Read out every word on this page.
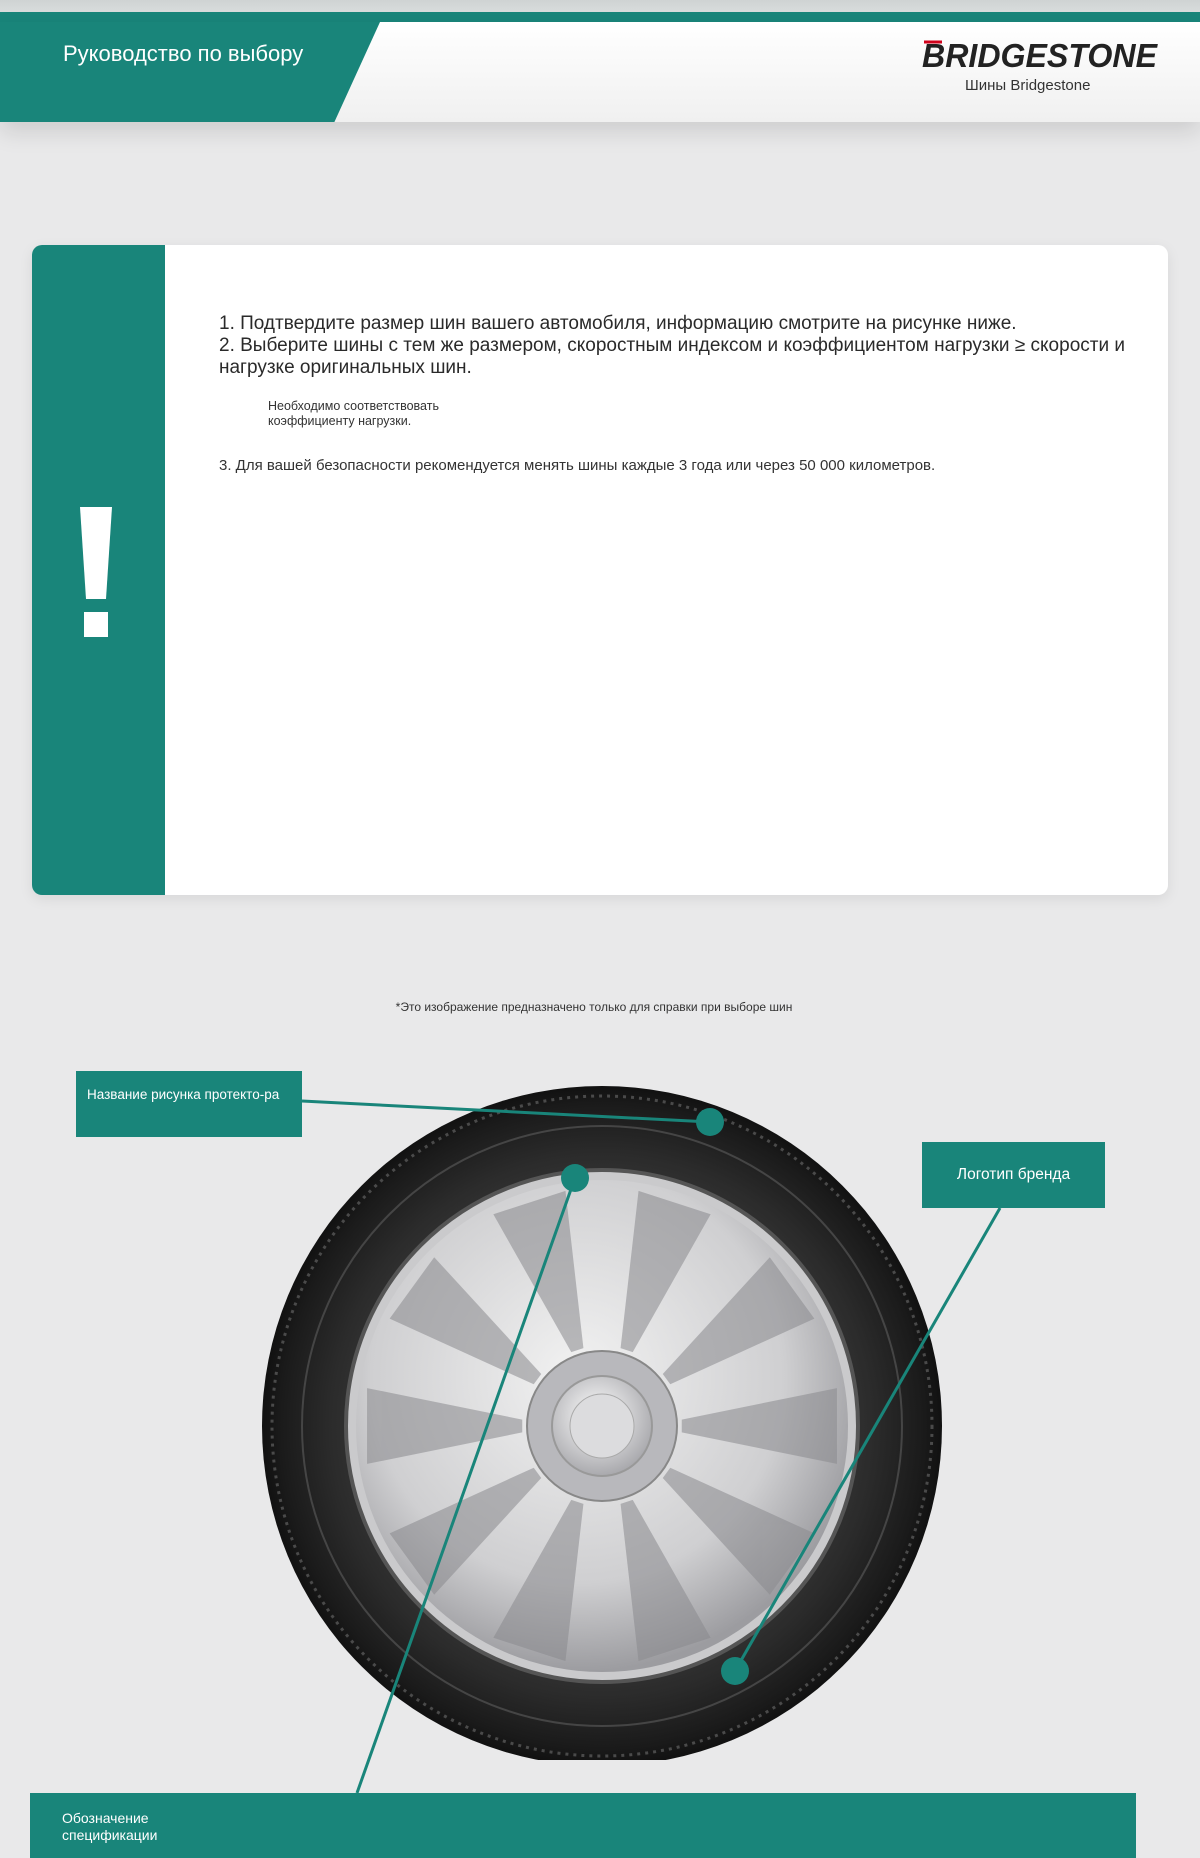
Руководство по выбору	BRIDGESTONE
Шины Bridgestone
1. Подтвердите размер шин вашего автомобиля, информацию смотрите на рисунке ниже.
2. Выберите шины с тем же размером, скоростным индексом и коэффициентом нагрузки ≥ скорости и нагрузке оригинальных шин.
Необходимо соответствовать коэффициенту нагрузки.
3. Для вашей безопасности рекомендуется менять шины каждые 3 года или через 50 000 километров.
*Это изображение предназначено только для справки при выборе шин
Название рисунка протекто-ра
Логотип бренда
Обозначение спецификации
